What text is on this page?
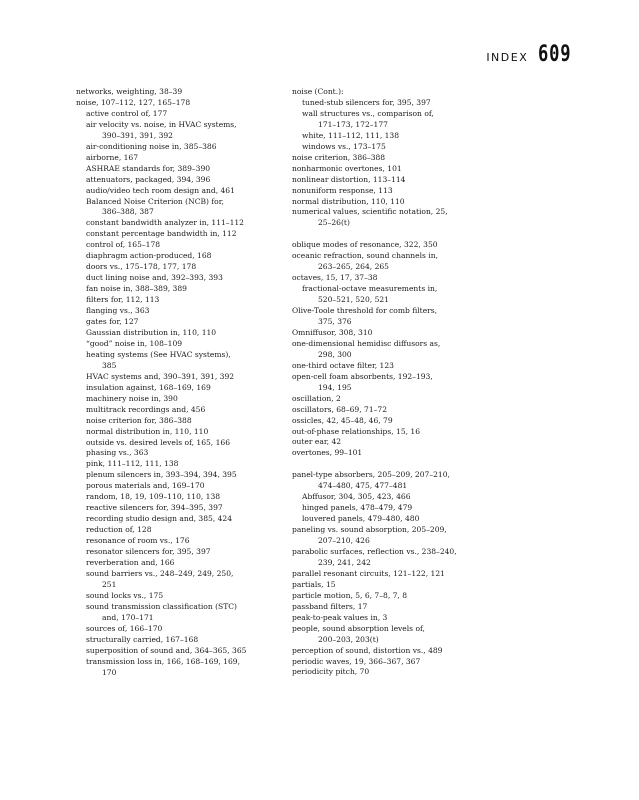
INDEX 609
networks, weighting, 38–39
noise, 107–112, 127, 165–178
active control of, 177
air velocity vs. noise, in HVAC systems,
390–391, 391, 392
air-conditioning noise in, 385–386
airborne, 167
ASHRAE standards for, 389–390
attenuators, packaged, 394, 396
audio/video tech room design and, 461
Balanced Noise Criterion (NCB) for,
386–388, 387
constant bandwidth analyzer in, 111–112
constant percentage bandwidth in, 112
control of, 165–178
diaphragm action-produced, 168
doors vs., 175–178, 177, 178
duct lining noise and, 392–393, 393
fan noise in, 388–389, 389
filters for, 112, 113
flanging vs., 363
gates for, 127
Gaussian distribution in, 110, 110
“good” noise in, 108–109
heating systems (See HVAC systems),
385
HVAC systems and, 390–391, 391, 392
insulation against, 168–169, 169
machinery noise in, 390
multitrack recordings and, 456
noise criterion for, 386–388
normal distribution in, 110, 110
outside vs. desired levels of, 165, 166
phasing vs., 363
pink, 111–112, 111, 138
plenum silencers in, 393–394, 394, 395
porous materials and, 169–170
random, 18, 19, 109–110, 110, 138
reactive silencers for, 394–395, 397
recording studio design and, 385, 424
reduction of, 128
resonance of room vs., 176
resonator silencers for, 395, 397
reverberation and, 166
sound barriers vs., 248–249, 249, 250,
251
sound locks vs., 175
sound transmission classification (STC)
and, 170–171
sources of, 166–170
structurally carried, 167–168
superposition of sound and, 364–365, 365
transmission loss in, 166, 168–169, 169,
170
noise (Cont.):
tuned-stub silencers for, 395, 397
wall structures vs., comparison of,
171–173, 172–177
white, 111–112, 111, 138
windows vs., 173–175
noise criterion, 386–388
nonharmonic overtones, 101
nonlinear distortion, 113–114
nonuniform response, 113
normal distribution, 110, 110
numerical values, scientific notation, 25,
25–26(t)
oblique modes of resonance, 322, 350
oceanic refraction, sound channels in,
263–265, 264, 265
octaves, 15, 17, 37–38
fractional-octave measurements in,
520–521, 520, 521
Olive-Toole threshold for comb filters,
375, 376
Omniffusor, 308, 310
one-dimensional hemidisc diffusors as,
298, 300
one-third octave filter, 123
open-cell foam absorbents, 192–193,
194, 195
oscillation, 2
oscillators, 68–69, 71–72
ossicles, 42, 45–48, 46, 79
out-of-phase relationships, 15, 16
outer ear, 42
overtones, 99–101
panel-type absorbers, 205–209, 207–210,
474–480, 475, 477–481
Abffusor, 304, 305, 423, 466
hinged panels, 478–479, 479
louvered panels, 479–480, 480
paneling vs. sound absorption, 205–209,
207–210, 426
parabolic surfaces, reflection vs., 238–240,
239, 241, 242
parallel resonant circuits, 121–122, 121
partials, 15
particle motion, 5, 6, 7–8, 7, 8
passband filters, 17
peak-to-peak values in, 3
people, sound absorption levels of,
200–203, 203(t)
perception of sound, distortion vs., 489
periodic waves, 19, 366–367, 367
periodicity pitch, 70
